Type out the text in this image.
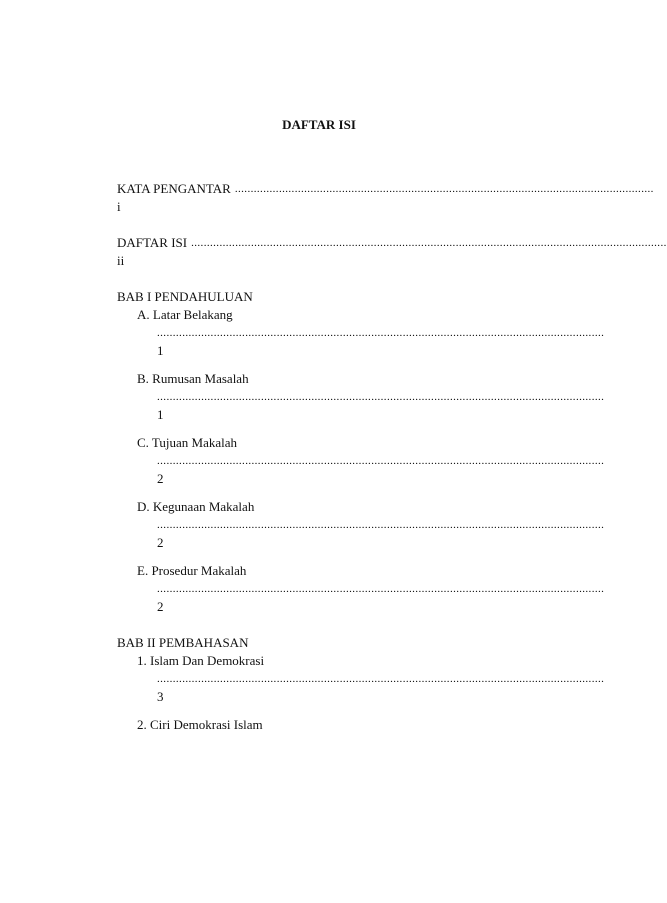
DAFTAR ISI
KATA PENGANTAR .....................................................................................................................................
i
DAFTAR ISI .......................................................................................................................................................
ii
BAB I PENDAHULUAN
A. Latar Belakang
..............................................................................................................................................
1
B. Rumusan Masalah
..............................................................................................................................................
1
C. Tujuan Makalah
..............................................................................................................................................
2
D. Kegunaan Makalah
..............................................................................................................................................
2
E. Prosedur Makalah
..............................................................................................................................................
2
BAB II PEMBAHASAN
1. Islam Dan Demokrasi
..............................................................................................................................................
3
2. Ciri Demokrasi Islam
